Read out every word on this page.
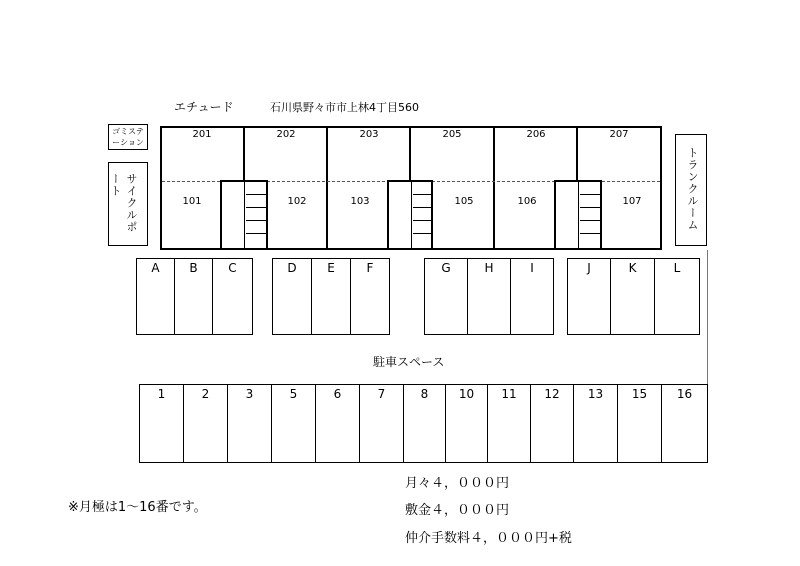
エチュード	石川県野々市市上林4丁目560
ゴミステ
ーション
サイクルポート	トランクルーム
201	202	203	205	206	207
101	102	103	105	106	107
A	B	C	D	E	F	G	H	I	J	K	L
駐車スペース
1	2	3	5	6	7	8	10	11	12	13	15	16
※月極は1～16番です。
月々４，０００円
敷金４，０００円
仲介手数料４，０００円+税
